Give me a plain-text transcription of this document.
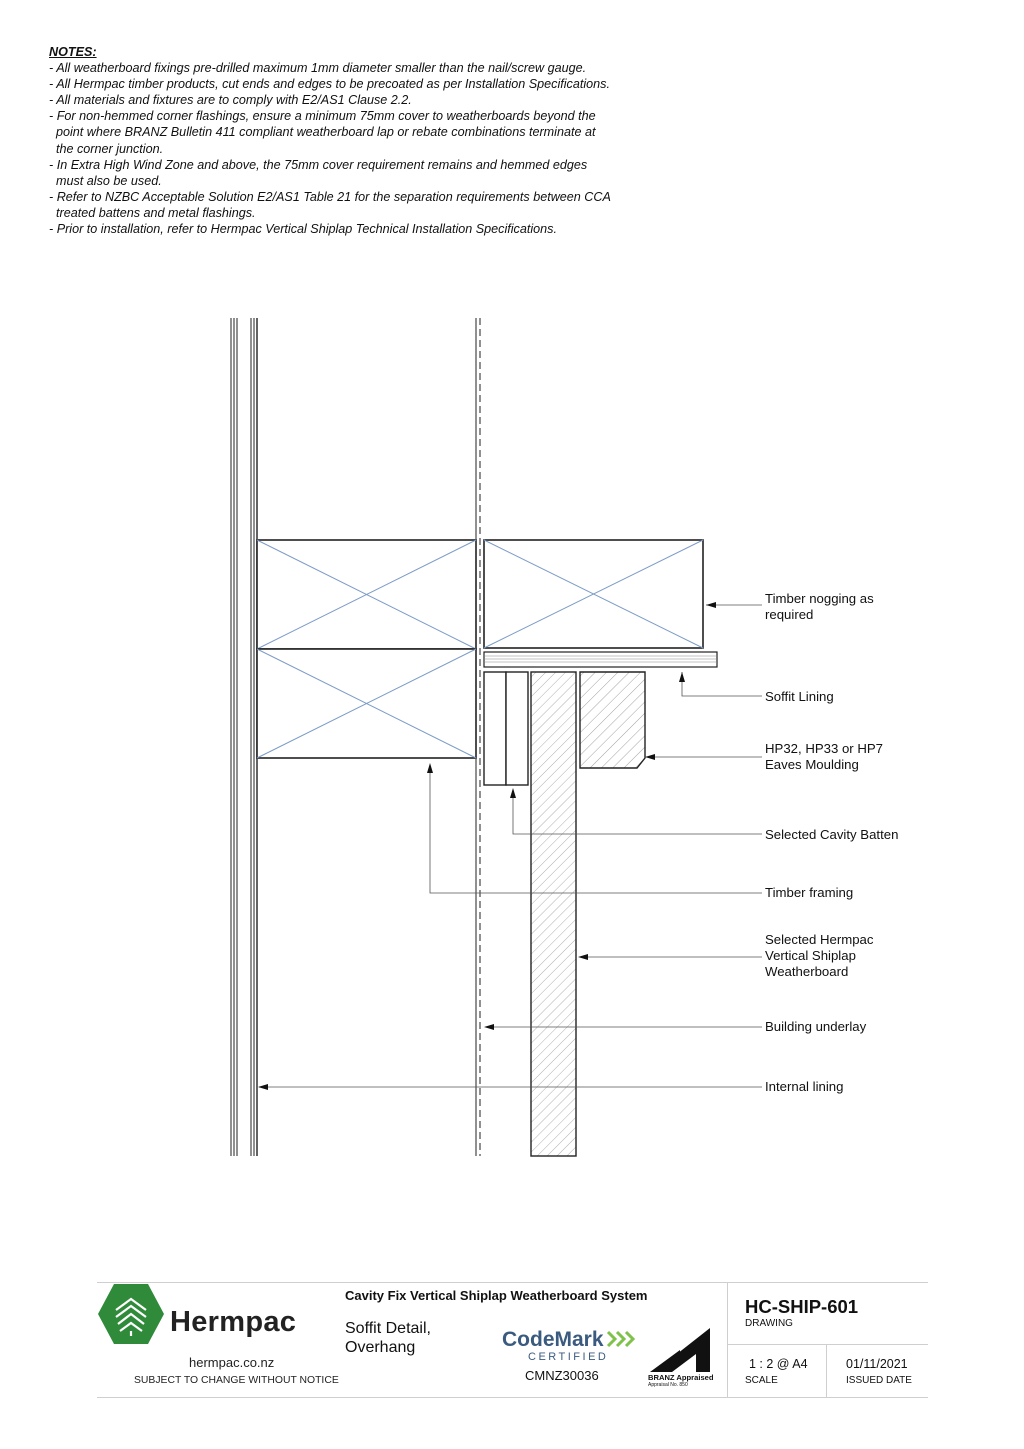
NOTES:
- All weatherboard fixings pre-drilled maximum 1mm diameter smaller than the nail/screw gauge.
- All Hermpac timber products, cut ends and edges to be precoated as per Installation Specifications.
- All materials and fixtures are to comply with E2/AS1 Clause 2.2.
- For non-hemmed corner flashings, ensure a minimum 75mm cover to weatherboards beyond the
point where BRANZ Bulletin 411 compliant weatherboard lap or rebate combinations terminate at
the corner junction.
- In Extra High Wind Zone and above, the 75mm cover requirement remains and hemmed edges
must also be used.
- Refer to NZBC Acceptable Solution E2/AS1 Table 21 for the separation requirements between CCA
treated battens and metal flashings.
- Prior to installation, refer to Hermpac Vertical Shiplap Technical Installation Specifications.
Timber nogging as
required
Soffit Lining
HP32, HP33 or HP7
Eaves Moulding
Selected Cavity Batten
Timber framing
Selected Hermpac
Vertical Shiplap
Weatherboard
Building underlay
Internal lining
Hermpac
hermpac.co.nz
SUBJECT TO CHANGE WITHOUT NOTICE
Cavity Fix Vertical Shiplap Weatherboard System
Soffit Detail,
Overhang	CodeMark
CERTIFIED
CMNZ30036	BRANZ Appraised
Appraisal No. 850
HC-SHIP-601
DRAWING
1 : 2 @ A4
SCALE
01/11/2021
ISSUED DATE
